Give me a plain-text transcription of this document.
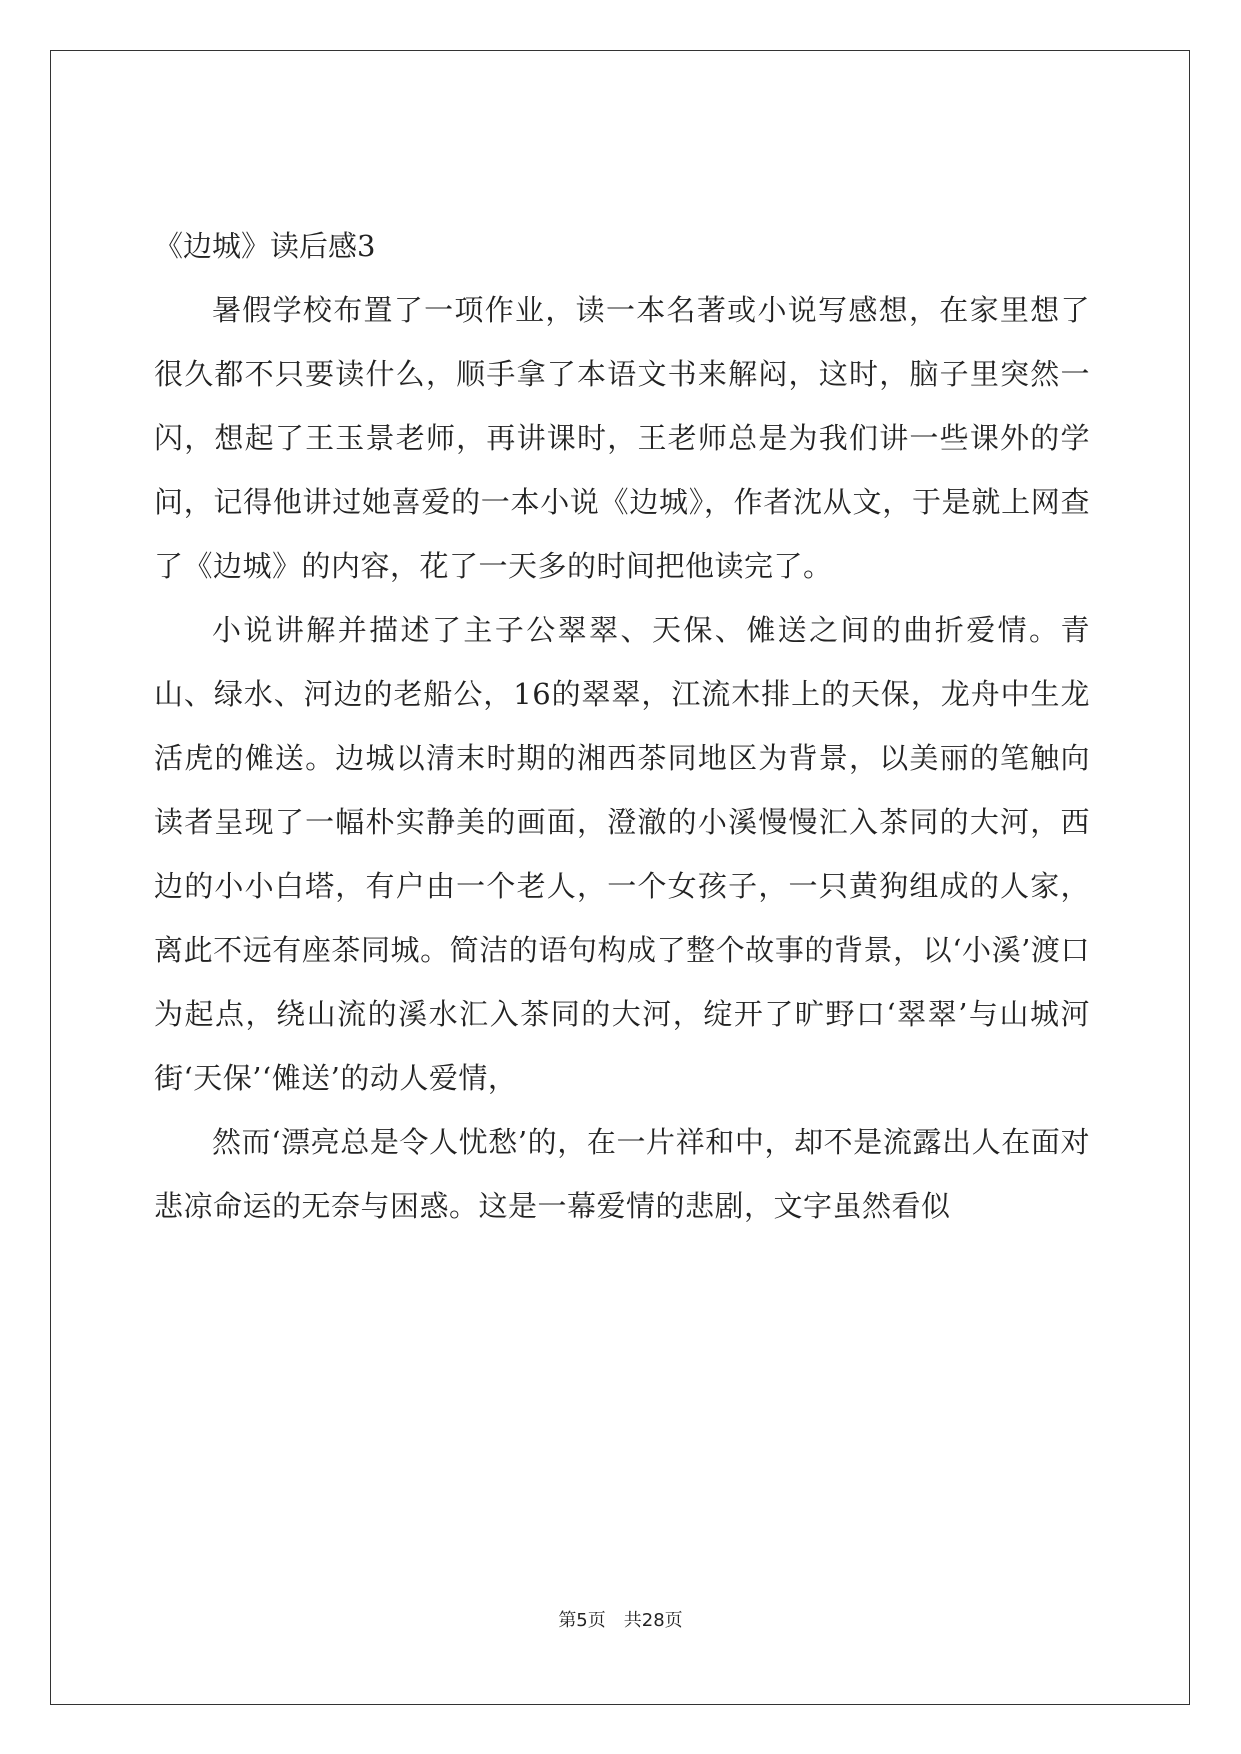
《边城》读后感3

暑假学校布置了一项作业，读一本名著或小说写感想，在家里想了很久都不只要读什么，顺手拿了本语文书来解闷，这时，脑子里突然一闪，想起了王玉景老师，再讲课时，王老师总是为我们讲一些课外的学问，记得他讲过她喜爱的一本小说《边城》，作者沈从文，于是就上网查了《边城》的内容，花了一天多的时间把他读完了。

小说讲解并描述了主子公翠翠、天保、傩送之间的曲折爱情。青山、绿水、河边的老船公，16的翠翠，江流木排上的天保，龙舟中生龙活虎的傩送。边城以清末时期的湘西茶同地区为背景，以美丽的笔触向读者呈现了一幅朴实静美的画面，澄澈的小溪慢慢汇入茶同的大河，西边的小小白塔，有户由一个老人，一个女孩子，一只黄狗组成的人家，离此不远有座茶同城。简洁的语句构成了整个故事的背景，以‘小溪’渡口为起点，绕山流的溪水汇入茶同的大河，绽开了旷野口‘翠翠’与山城河街‘天保’‘傩送’的动人爱情，

然而‘漂亮总是令人忧愁’的，在一片祥和中，却不是流露出人在面对悲凉命运的无奈与困惑。这是一幕爱情的悲剧，文字虽然看似

第5页 共28页
